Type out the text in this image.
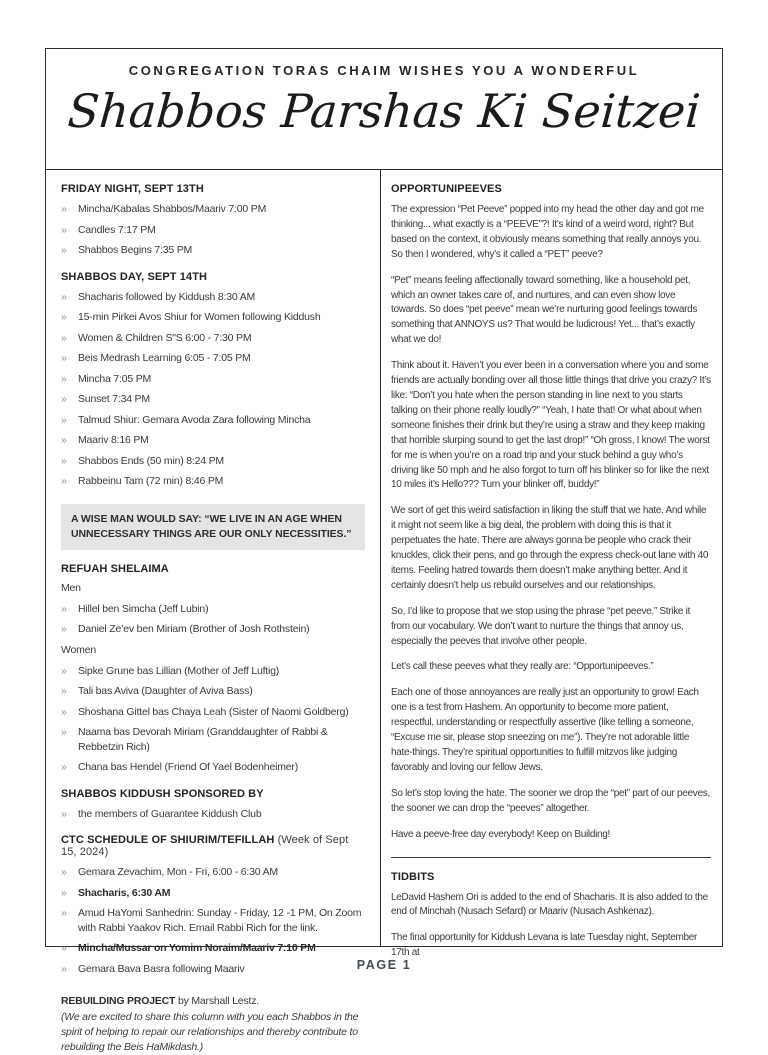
CONGREGATION TORAS CHAIM WISHES YOU A WONDERFUL
Shabbos Parshas Ki Seitzei
FRIDAY NIGHT, SEPT 13TH
»	Mincha/Kabalas Shabbos/Maariv 7:00 PM
»	Candles 7:17 PM
»	Shabbos Begins 7:35 PM
SHABBOS DAY, SEPT 14TH
»	Shacharis followed by Kiddush 8:30 AM
»	15-min Pirkei Avos Shiur for Women following Kiddush
»	Women & Children S"S 6:00 - 7:30 PM
»	Beis Medrash Learning 6:05 - 7:05 PM
»	Mincha 7:05 PM
»	Sunset 7:34 PM
»	Talmud Shiur: Gemara Avoda Zara following Mincha
»	Maariv 8:16 PM
»	Shabbos Ends (50 min) 8:24 PM
»	Rabbeinu Tam (72 min) 8:46 PM
A WISE MAN WOULD SAY: “WE LIVE IN AN AGE WHEN UNNECESSARY THINGS ARE OUR ONLY NECESSITIES.”
REFUAH SHELAIMA
Men
»	Hillel ben Simcha (Jeff Lubin)
»	Daniel Ze’ev ben Miriam (Brother of Josh Rothstein)
Women
»	Sipke Grune bas Lillian (Mother of Jeff Luftig)
»	Tali bas Aviva (Daughter of Aviva Bass)
»	Shoshana Gittel bas Chaya Leah (Sister of Naomi Goldberg)
»	Naama bas Devorah Miriam (Granddaughter of Rabbi & Rebbetzin Rich)
»	Chana bas Hendel (Friend Of Yael Bodenheimer)
SHABBOS KIDDUSH SPONSORED BY
»	the members of Guarantee Kiddush Club
CTC SCHEDULE OF SHIURIM/TEFILLAH (Week of Sept 15, 2024)
»	Gemara Zevachim, Mon - Fri, 6:00 - 6:30 AM
»	Shacharis, 6:30 AM
»	Amud HaYomi Sanhedrin: Sunday - Friday, 12 -1 PM, On Zoom with Rabbi Yaakov Rich. Email Rabbi Rich for the link.
»	Mincha/Mussar on Yomim Noraim/Maariv 7:10 PM
»	Gemara Bava Basra following Maariv

REBUILDING PROJECT by Marshall Lestz.

(We are excited to share this column with you each Shabbos in the spirit of helping to repair our relationships and thereby contribute to rebuilding the Beis HaMikdash.)

OPPORTUNIPEEVES

The expression “Pet Peeve” popped into my head the other day and got me thinking... what exactly is a “PEEVE”?! It’s kind of a weird word, right? But based on the context, it obviously means something that really annoys you. So then I wondered, why’s it called a “PET” peeve?

“Pet” means feeling affectionally toward something, like a household pet, which an owner takes care of, and nurtures, and can even show love towards. So does “pet peeve” mean we’re nurturing good feelings towards something that ANNOYS us? That would be ludicrous! Yet... that’s exactly what we do!

Think about it. Haven’t you ever been in a conversation where you and some friends are actually bonding over all those little things that drive you crazy? It’s like: “Don’t you hate when the person standing in line next to you starts talking on their phone really loudly?” “Yeah, I hate that! Or what about when someone finishes their drink but they’re using a straw and they keep making that horrible slurping sound to get the last drop!” “Oh gross, I know! The worst for me is when you’re on a road trip and your stuck behind a guy who’s driving like 50 mph and he also forgot to turn off his blinker so for like the next 10 miles it’s Hello??? Turn your blinker off, buddy!”

We sort of get this weird satisfaction in liking the stuff that we hate. And while it might not seem like a big deal, the problem with doing this is that it perpetuates the hate. There are always gonna be people who crack their knuckles, click their pens, and go through the express check-out lane with 40 items. Feeling hatred towards them doesn’t make anything better. And it certainly doesn’t help us rebuild ourselves and our relationships.

So, I’d like to propose that we stop using the phrase “pet peeve.” Strike it from our vocabulary. We don’t want to nurture the things that annoy us, especially the peeves that involve other people.

Let’s call these peeves what they really are: “Opportunipeeves.”

Each one of those annoyances are really just an opportunity to grow! Each one is a test from Hashem. An opportunity to become more patient, respectful, understanding or respectfully assertive (like telling a someone, “Excuse me sir, please stop sneezing on me”). They’re not adorable little hate-things. They’re spiritual opportunities to fulfill mitzvos like judging favorably and loving our fellow Jews.

So let’s stop loving the hate. The sooner we drop the “pet” part of our peeves, the sooner we can drop the “peeves” altogether.

Have a peeve-free day everybody! Keep on Building!

TIDBITS

LeDavid Hashem Ori is added to the end of Shacharis. It is also added to the end of Minchah (Nusach Sefard) or Maariv (Nusach Ashkenaz).

The final opportunity for Kiddush Levana is late Tuesday night, September 17th at

PAGE 1
